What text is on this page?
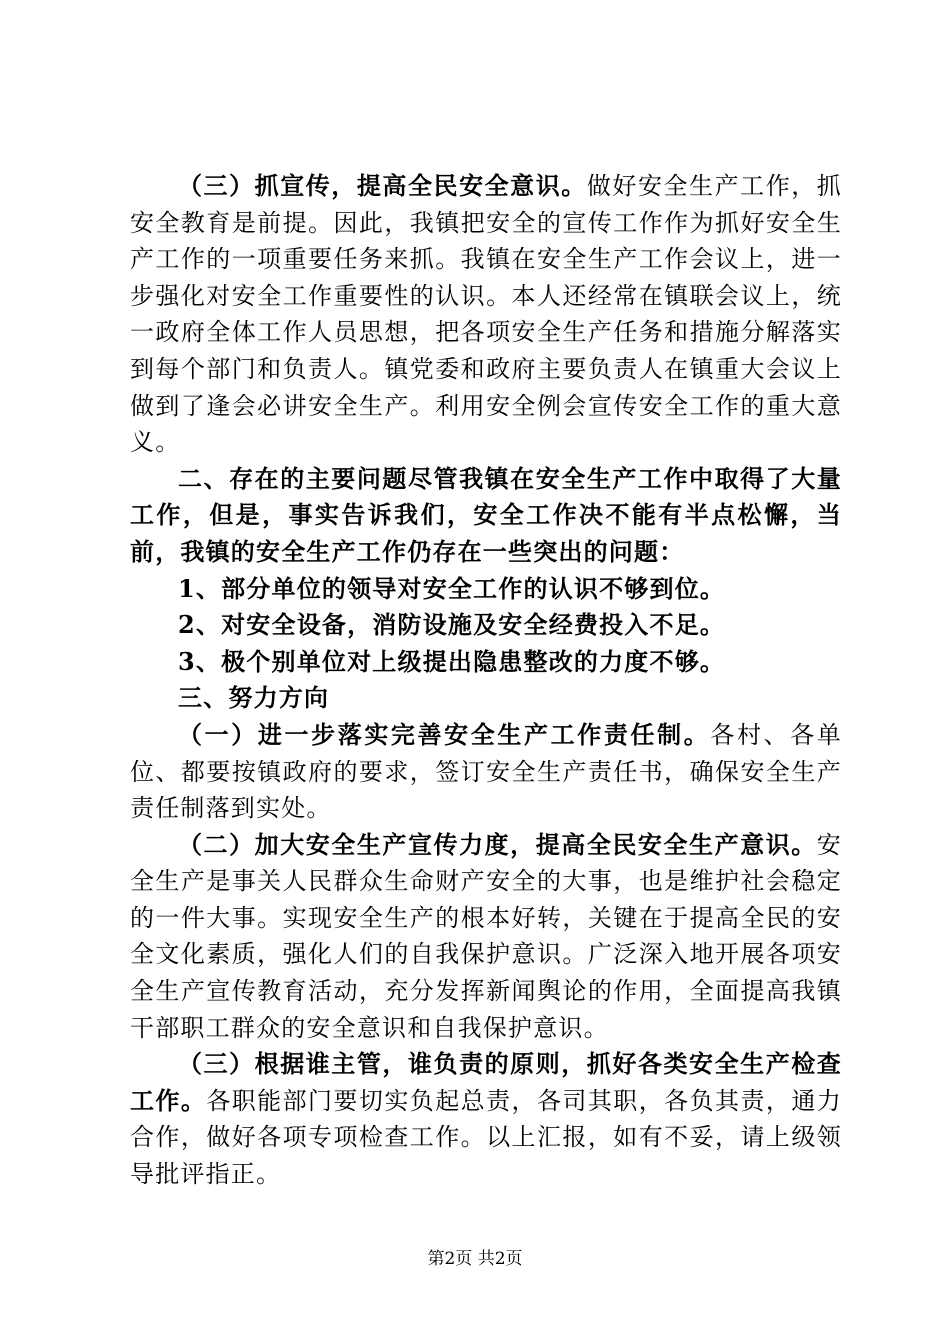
（三）抓宣传，提高全民安全意识。做好安全生产工作，抓安全教育是前提。因此，我镇把安全的宣传工作作为抓好安全生产工作的一项重要任务来抓。我镇在安全生产工作会议上，进一步强化对安全工作重要性的认识。本人还经常在镇联会议上，统一政府全体工作人员思想，把各项安全生产任务和措施分解落实到每个部门和负责人。镇党委和政府主要负责人在镇重大会议上做到了逢会必讲安全生产。利用安全例会宣传安全工作的重大意义。

二、存在的主要问题尽管我镇在安全生产工作中取得了大量工作，但是，事实告诉我们，安全工作决不能有半点松懈，当前，我镇的安全生产工作仍存在一些突出的问题：

1、部分单位的领导对安全工作的认识不够到位。

2、对安全设备，消防设施及安全经费投入不足。

3、极个别单位对上级提出隐患整改的力度不够。

三、努力方向

（一）进一步落实完善安全生产工作责任制。各村、各单位、都要按镇政府的要求，签订安全生产责任书，确保安全生产责任制落到实处。

（二）加大安全生产宣传力度，提高全民安全生产意识。安全生产是事关人民群众生命财产安全的大事，也是维护社会稳定的一件大事。实现安全生产的根本好转，关键在于提高全民的安全文化素质，强化人们的自我保护意识。广泛深入地开展各项安全生产宣传教育活动，充分发挥新闻舆论的作用，全面提高我镇干部职工群众的安全意识和自我保护意识。

（三）根据谁主管，谁负责的原则，抓好各类安全生产检查工作。各职能部门要切实负起总责，各司其职，各负其责，通力合作，做好各项专项检查工作。以上汇报，如有不妥，请上级领导批评指正。

第2页 共2页
